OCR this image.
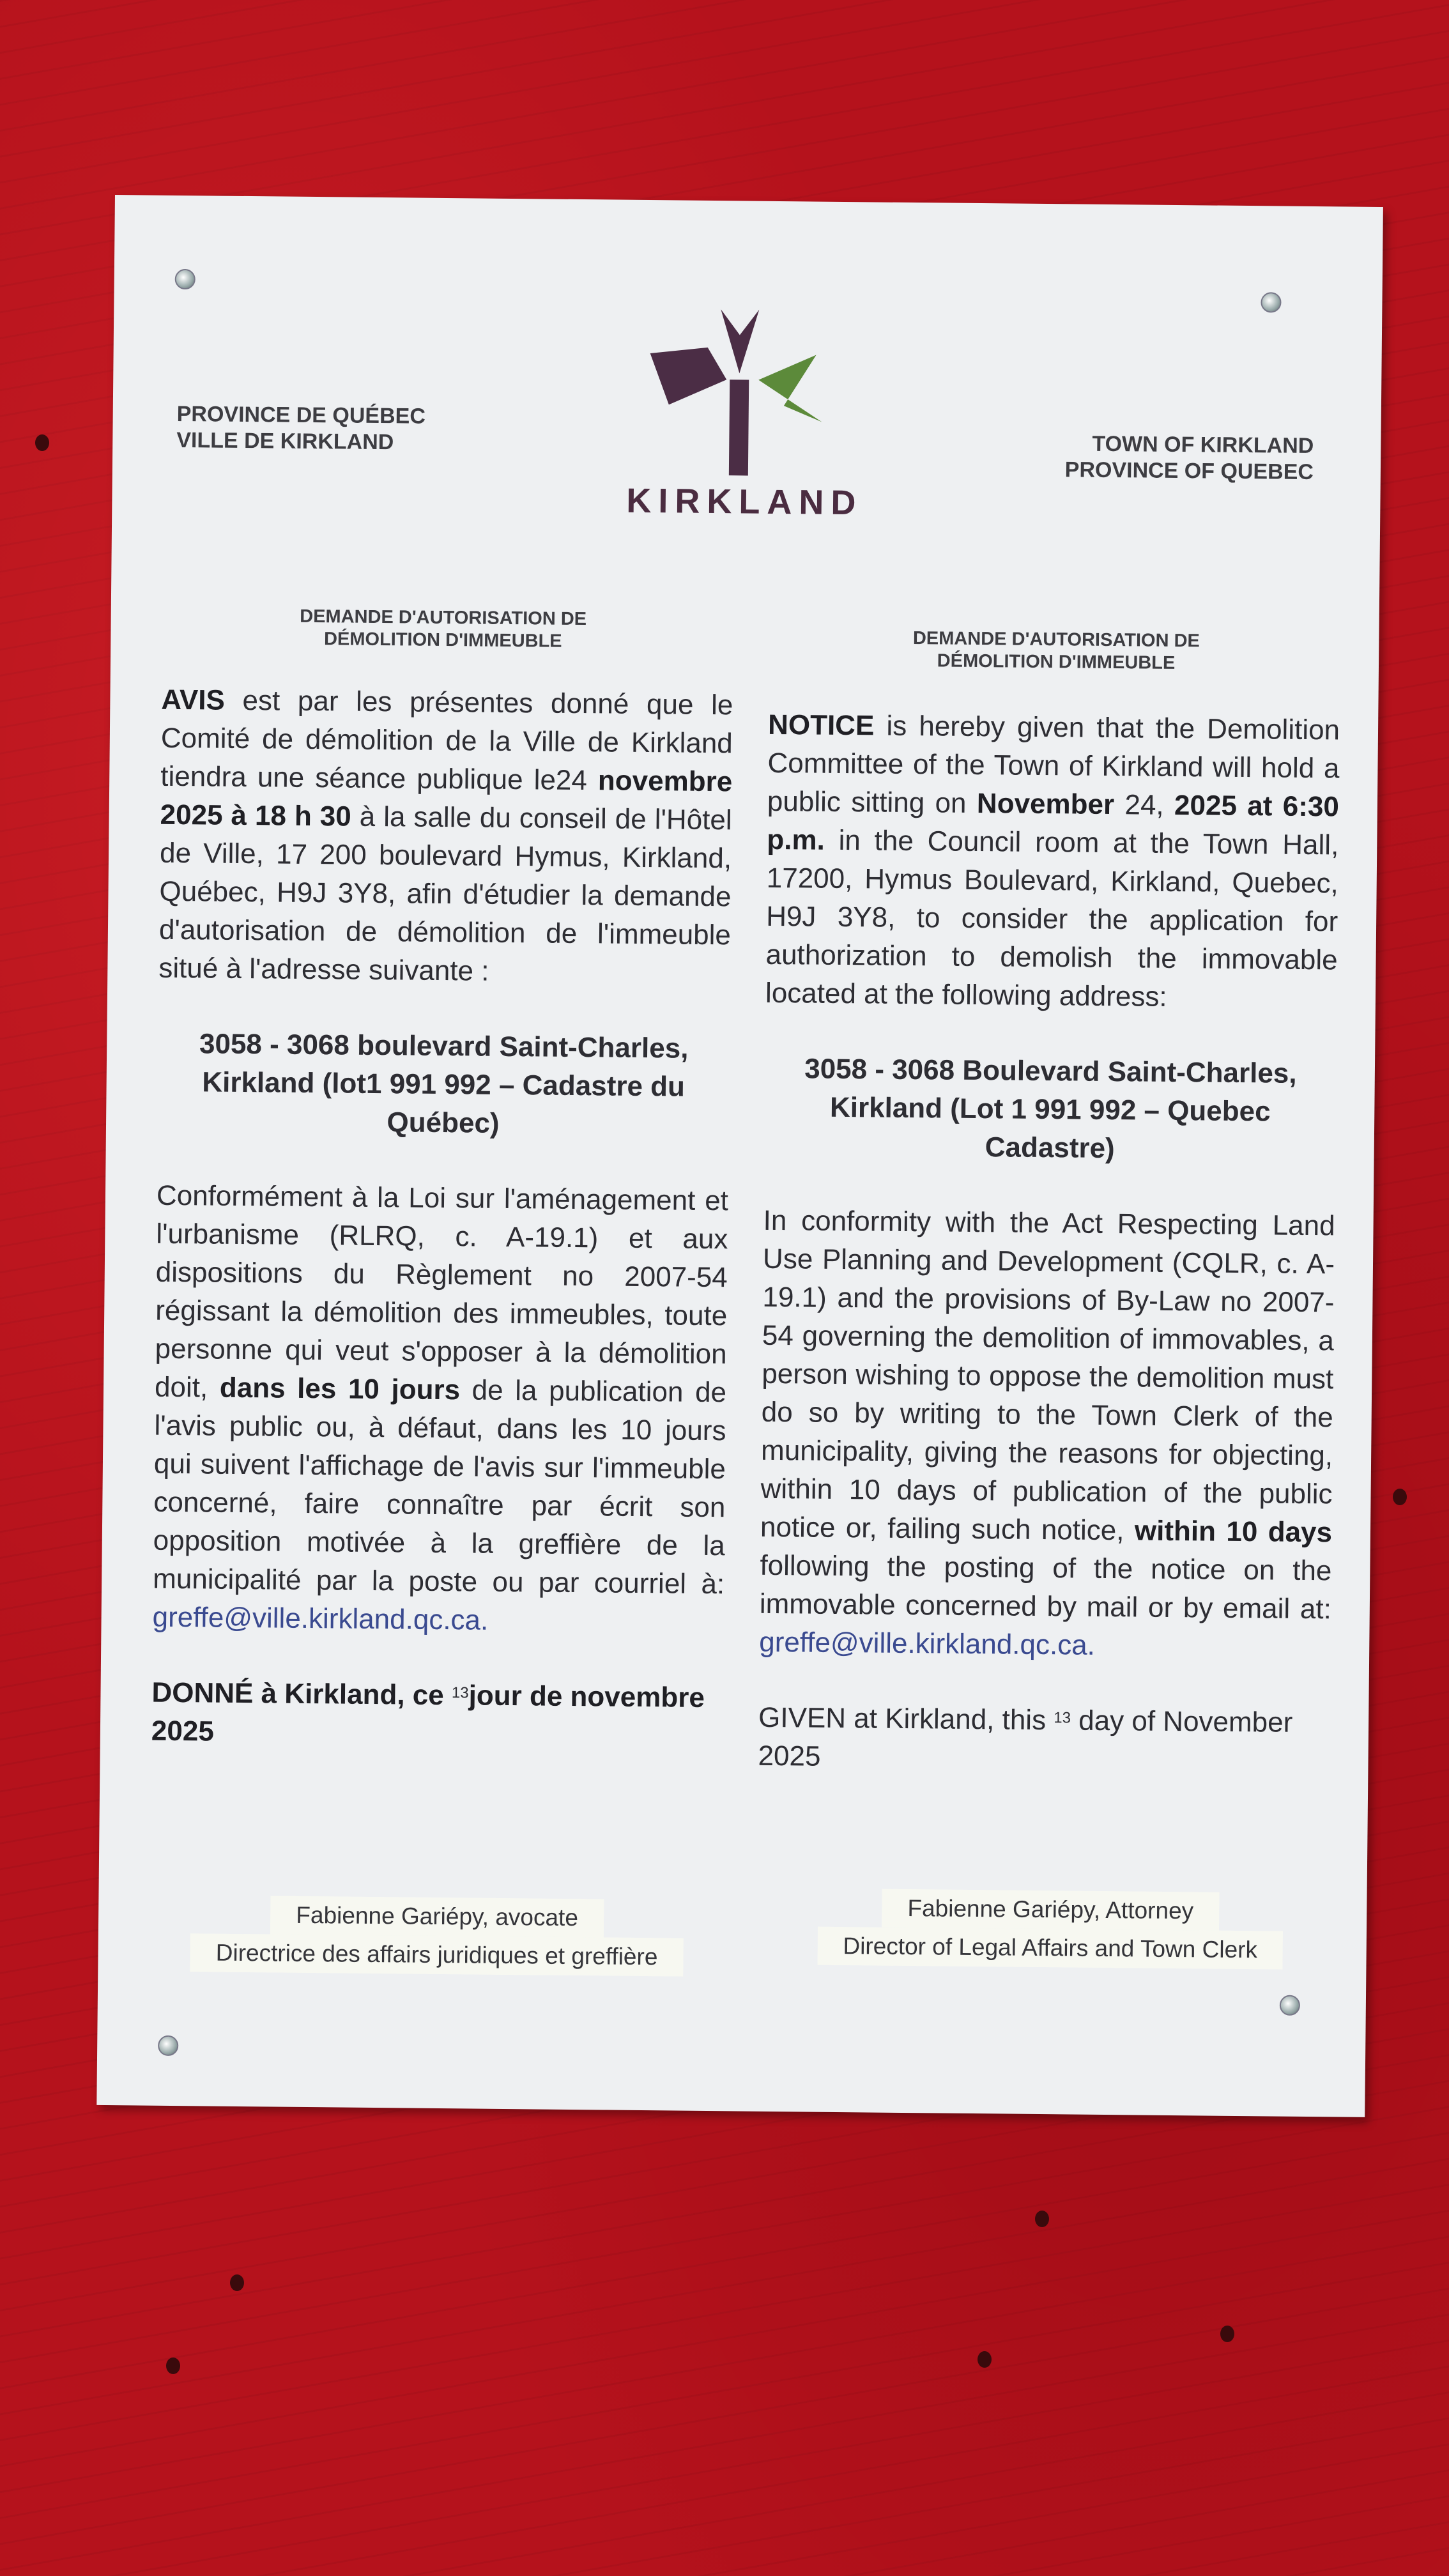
PROVINCE DE QUÉBEC
VILLE DE KIRKLAND
KIRKLAND
TOWN OF KIRKLAND
PROVINCE OF QUEBEC
DEMANDE D'AUTORISATION DE
DÉMOLITION D'IMMEUBLE	DEMANDE D'AUTORISATION DE
DÉMOLITION D'IMMEUBLE

AVIS est par les présentes donné que le Comité de démolition de la Ville de Kirkland tiendra une séance publique le24 novembre 2025 à 18 h 30 à la salle du conseil de l'Hôtel de Ville, 17 200 boulevard Hymus, Kirkland, Québec, H9J 3Y8, afin d'étudier la demande d'autorisation de démolition de l'immeuble situé à l'adresse suivante :

3058 - 3068 boulevard Saint-Charles, Kirkland (lot1 991 992 – Cadastre du Québec)

Conformément à la Loi sur l'aménagement et l'urbanisme (RLRQ, c. A-19.1) et aux dispositions du Règlement no 2007-54 régissant la démolition des immeubles, toute personne qui veut s'opposer à la démolition doit, dans les 10 jours de la publication de l'avis public ou, à défaut, dans les 10 jours qui suivent l'affichage de l'avis sur l'immeuble concerné, faire connaître par écrit son opposition motivée à la greffière de la municipalité par la poste ou par courriel à: greffe@ville.kirkland.qc.ca.

DONNÉ à Kirkland, ce $^{13}$jour de novembre 2025

NOTICE is hereby given that the Demolition Committee of the Town of Kirkland will hold a public sitting on November 24, 2025 at 6:30 p.m. in the Council room at the Town Hall, 17200, Hymus Boulevard, Kirkland, Quebec, H9J 3Y8, to consider the application for authorization to demolish the immovable located at the following address:

3058 - 3068 Boulevard Saint-Charles, Kirkland (Lot 1 991 992 – Quebec Cadastre)

In conformity with the Act Respecting Land Use Planning and Development (CQLR, c. A-19.1) and the provisions of By-Law no 2007-54 governing the demolition of immovables, a person wishing to oppose the demolition must do so by writing to the Town Clerk of the municipality, giving the reasons for objecting, within 10 days of publication of the public notice or, failing such notice, within 10 days following the posting of the notice on the immovable concerned by mail or by email at: greffe@ville.kirkland.qc.ca.

GIVEN at Kirkland, this $^{13}$ day of November 2025

Fabienne Gariépy, avocate
Directrice des affairs juridiques et greffière
Fabienne Gariépy, Attorney
Director of Legal Affairs and Town Clerk
